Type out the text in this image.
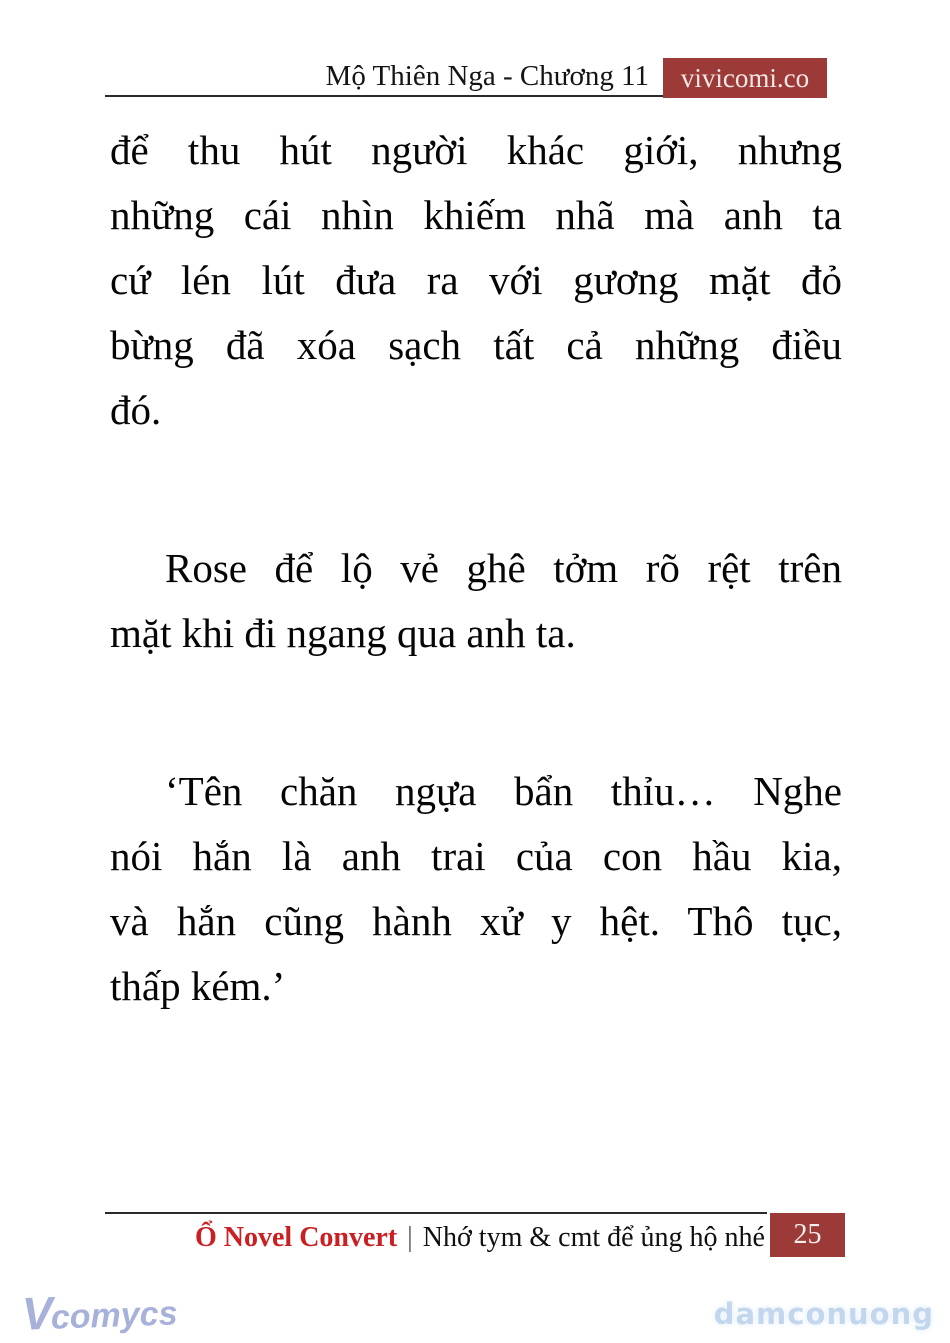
Mộ Thiên Nga - Chương 11	vivicomi.co
để thu hút người khác giới, nhưng
những cái nhìn khiếm nhã mà anh ta
cứ lén lút đưa ra với gương mặt đỏ
bừng đã xóa sạch tất cả những điều
đó.
Rose để lộ vẻ ghê tởm rõ rệt trên
mặt khi đi ngang qua anh ta.
‘Tên chăn ngựa bẩn thỉu… Nghe
nói hắn là anh trai của con hầu kia,
và hắn cũng hành xử y hệt. Thô tục,
thấp kém.’
Ổ Novel Convert | Nhớ tym & cmt để ủng hộ nhé 25
Vcomycs	damconuong
